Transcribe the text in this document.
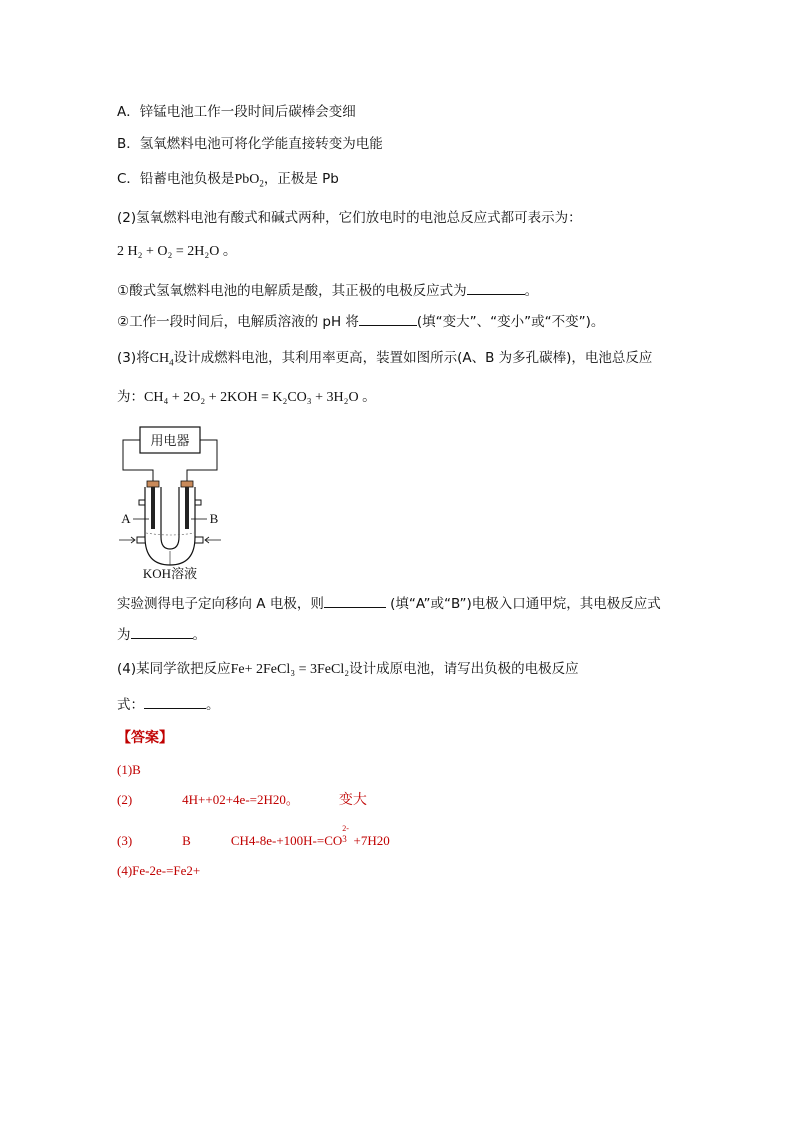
A．锌锰电池工作一段时间后碳棒会变细
B．氢氧燃料电池可将化学能直接转变为电能
C．铅蓄电池负极是PbO$_2$，正极是 Pb
(2)氢氧燃料电池有酸式和碱式两种，它们放电时的电池总反应式都可表示为：
2 H₂ + O₂ = 2H₂O 。
①酸式氢氧燃料电池的电解质是酸，其正极的电极反应式为	。
②工作一段时间后，电解质溶液的 pH 将	(填“变大”、“变小”或“不变”)。
(3)将$CH_4$设计成燃料电池，其利用率更高，装置如图所示(A、B 为多孔碳棒)，电池总反应
为：CH₄ + 2O₂ + 2KOH = K₂CO₃ + 3H₂O 。
用电器
A	B
KOH溶液
实验测得电子定向移向 A 电极，则	(填“A”或“B”)电极入口通甲烷，其电极反应式
为	。
(4)某同学欲把反应Fe+ 2FeCl₃ = 3FeCl₂设计成原电池，请写出负极的电极反应
式：	。
【答案】
(1)B
(2)	4H++02+4e-=2H20。	变大
(3)	B	CH4-8e-+100H-=CO
2-
$^3$ +7H20
(4)Fe-2e-=Fe2+
